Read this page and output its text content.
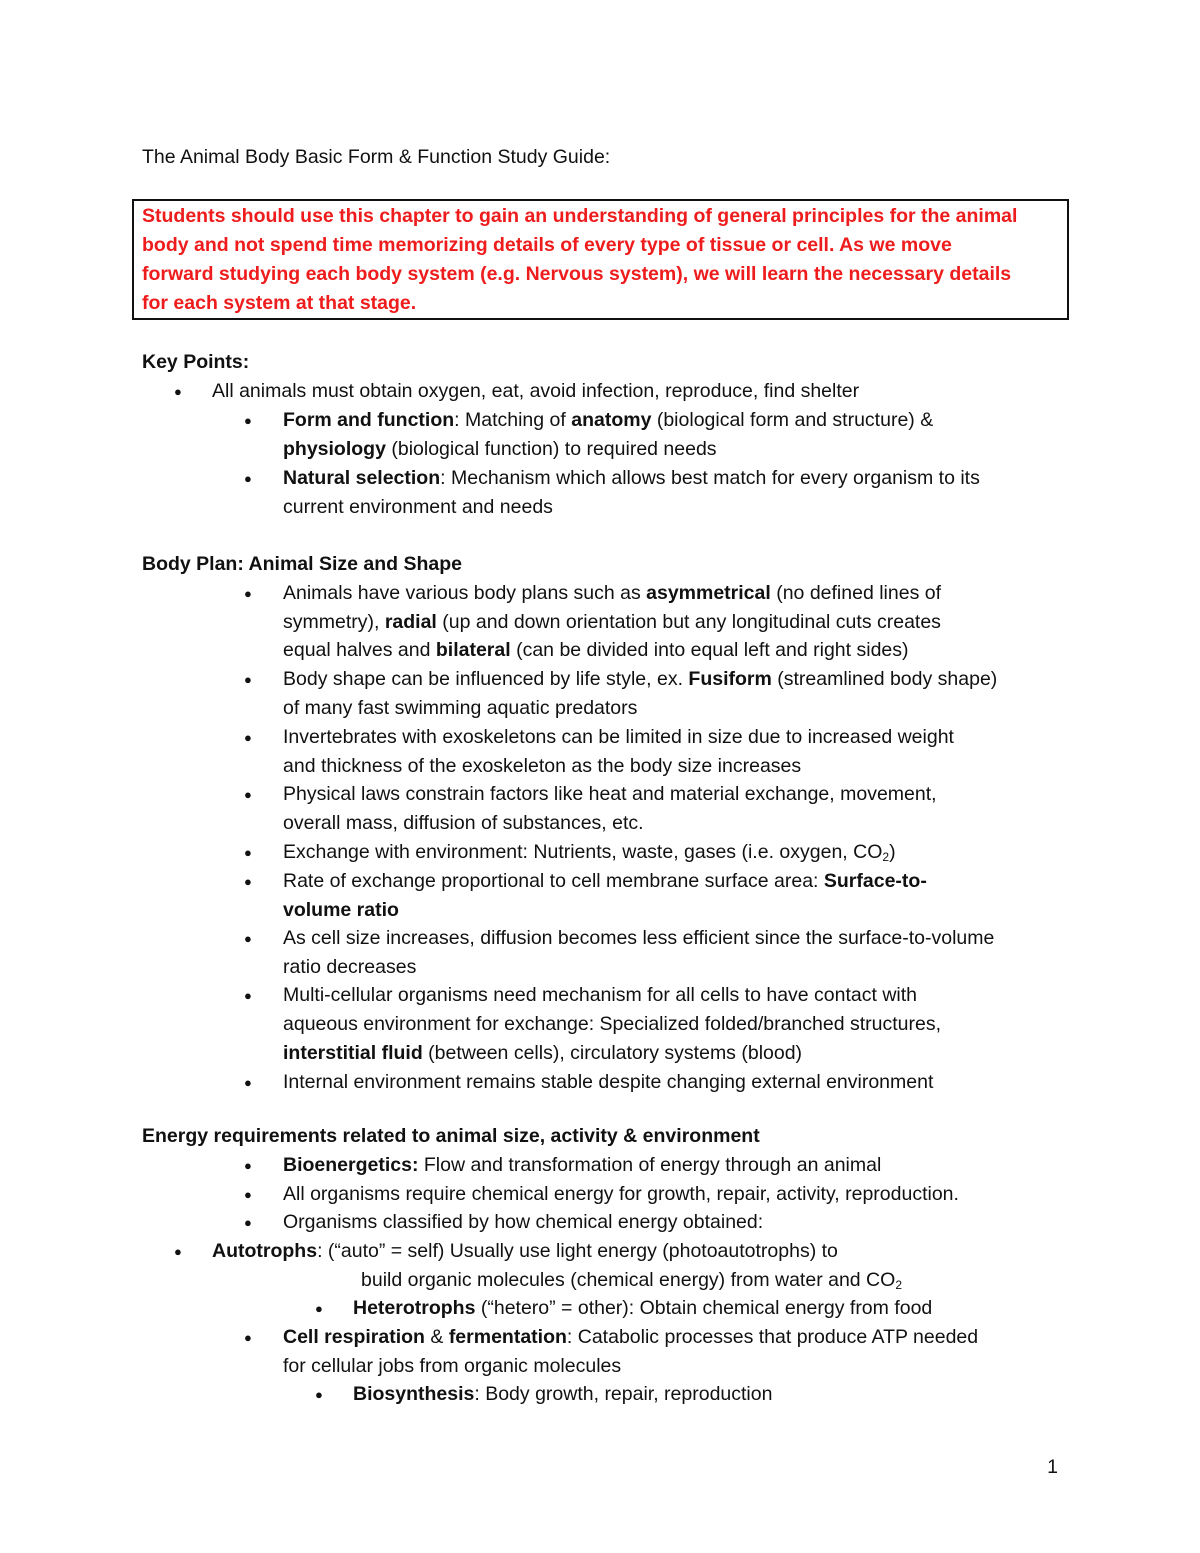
The Animal Body Basic Form & Function Study Guide:
Students should use this chapter to gain an understanding of general principles for the animal
body and not spend time memorizing details of every type of tissue or cell. As we move
forward studying each body system (e.g. Nervous system), we will learn the necessary details
for each system at that stage.
Key Points:
● All animals must obtain oxygen, eat, avoid infection, reproduce, find shelter
● Form and function: Matching of anatomy (biological form and structure) &
physiology (biological function) to required needs
● Natural selection: Mechanism which allows best match for every organism to its
current environment and needs
Body Plan: Animal Size and Shape
● Animals have various body plans such as asymmetrical (no defined lines of
symmetry), radial (up and down orientation but any longitudinal cuts creates
equal halves and bilateral (can be divided into equal left and right sides)
● Body shape can be influenced by life style, ex. Fusiform (streamlined body shape)
of many fast swimming aquatic predators
● Invertebrates with exoskeletons can be limited in size due to increased weight
and thickness of the exoskeleton as the body size increases
● Physical laws constrain factors like heat and material exchange, movement,
overall mass, diffusion of substances, etc.
● Exchange with environment: Nutrients, waste, gases (i.e. oxygen, $CO_2$)
● Rate of exchange proportional to cell membrane surface area: Surface-to-
volume ratio
● As cell size increases, diffusion becomes less efficient since the surface-to-volume
ratio decreases
● Multi-cellular organisms need mechanism for all cells to have contact with
aqueous environment for exchange: Specialized folded/branched structures,
interstitial fluid (between cells), circulatory systems (blood)
● Internal environment remains stable despite changing external environment
Energy requirements related to animal size, activity & environment
● Bioenergetics: Flow and transformation of energy through an animal
● All organisms require chemical energy for growth, repair, activity, reproduction.
● Organisms classified by how chemical energy obtained:
● Autotrophs: (“auto” = self) Usually use light energy (photoautotrophs) to
build organic molecules (chemical energy) from water and $CO_2$
● Heterotrophs (“hetero” = other): Obtain chemical energy from food
● Cell respiration & fermentation: Catabolic processes that produce ATP needed
for cellular jobs from organic molecules
● Biosynthesis: Body growth, repair, reproduction
1
